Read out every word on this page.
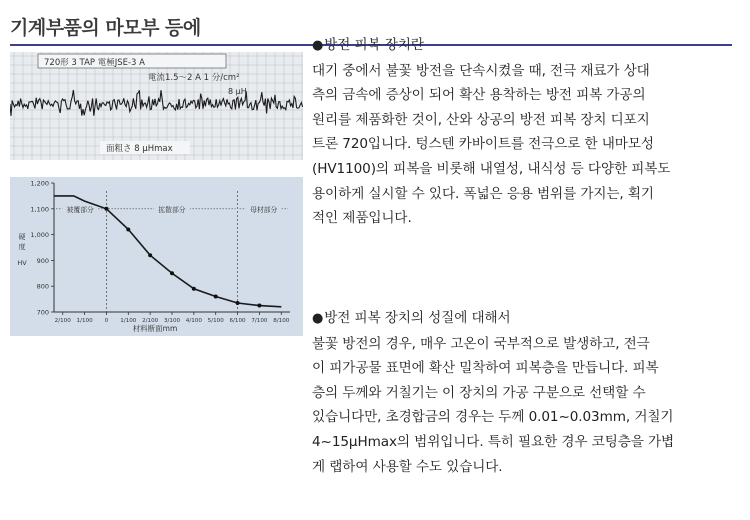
기계부품의 마모부 등에
720形 3 TAP 電極JSE-3 A
電流1.5～2 A 1 分/cm²
8 μH
面粗さ 8 μHmax
被覆部分	拡散部分	母材部分
1,200
1,100
1,000
900
800
700
2/100 1/100 0 1/100 2/100 3/100 4/100 5/100 6/100 7/100 8/100
硬
度
HV
材料断面mm
●방전 피복 장치란
대기 중에서 불꽃 방전을 단속시켰을 때, 전극 재료가 상대
측의 금속에 증상이 되어 확산 용착하는 방전 피복 가공의
원리를 제품화한 것이, 산와 상공의 방전 피복 장치 디포지
트론 720입니다. 텅스텐 카바이트를 전극으로 한 내마모성
(HV1100)의 피복을 비롯해 내열성, 내식성 등 다양한 피복도
용이하게 실시할 수 있다. 폭넓은 응용 범위를 가지는, 획기
적인 제품입니다.
●방전 피복 장치의 성질에 대해서
불꽃 방전의 경우, 매우 고온이 국부적으로 발생하고, 전극
이 피가공물 표면에 확산 밀착하여 피복층을 만듭니다. 피복
층의 두께와 거칠기는 이 장치의 가공 구분으로 선택할 수
있습니다만, 초경합금의 경우는 두께 0.01~0.03mm, 거칠기
4~15μHmax의 범위입니다. 특히 필요한 경우 코팅층을 가볍
게 랩하여 사용할 수도 있습니다.
